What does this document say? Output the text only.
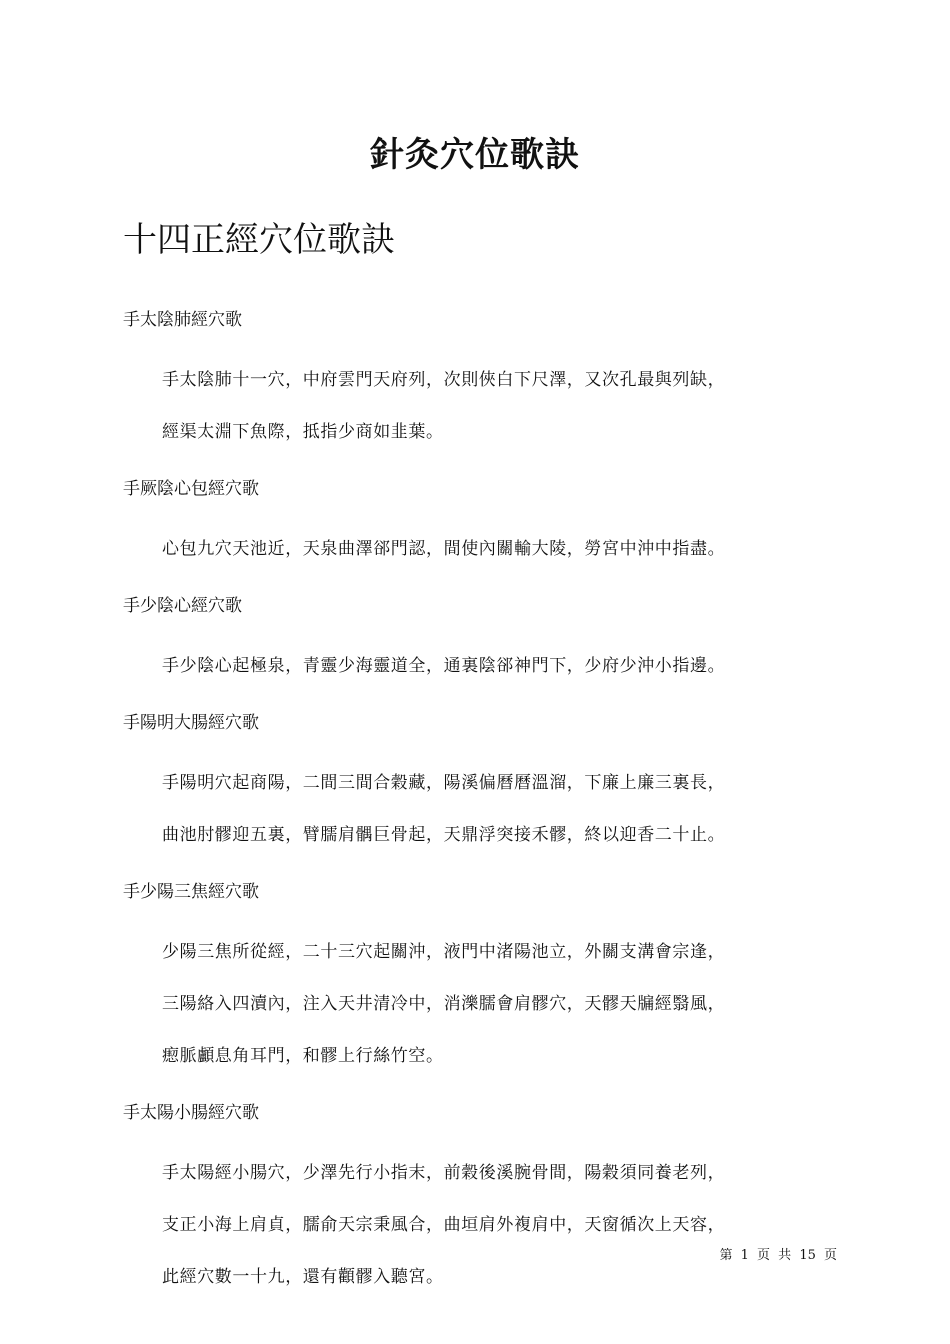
針灸穴位歌訣
十四正經穴位歌訣
手太陰肺經穴歌
手太陰肺十一穴，中府雲門天府列，次則俠白下尺澤，又次孔最與列缺，
經渠太淵下魚際，抵指少商如韭葉。
手厥陰心包經穴歌
心包九穴天池近，天泉曲澤郤門認，間使內關輸大陵，勞宮中沖中指盡。
手少陰心經穴歌
手少陰心起極泉，青靈少海靈道全，通裏陰郤神門下，少府少沖小指邊。
手陽明大腸經穴歌
手陽明穴起商陽，二間三間合穀藏，陽溪偏曆曆溫溜，下廉上廉三裏長，
曲池肘髎迎五裏，臂臑肩髃巨骨起，天鼎浮突接禾髎，終以迎香二十止。
手少陽三焦經穴歌
少陽三焦所從經，二十三穴起關沖，液門中渚陽池立，外關支溝會宗逢，
三陽絡入四瀆內，注入天井清冷中，消濼臑會肩髎穴，天髎天牖經翳風，
瘛脈顱息角耳門，和髎上行絲竹空。
手太陽小腸經穴歌
手太陽經小腸穴，少澤先行小指末，前穀後溪腕骨間，陽穀須同養老列，
支正小海上肩貞，臑俞天宗秉風合，曲垣肩外複肩中，天窗循次上天容，
此經穴數一十九，還有顴髎入聽宮。
第 1 页 共 15 页
